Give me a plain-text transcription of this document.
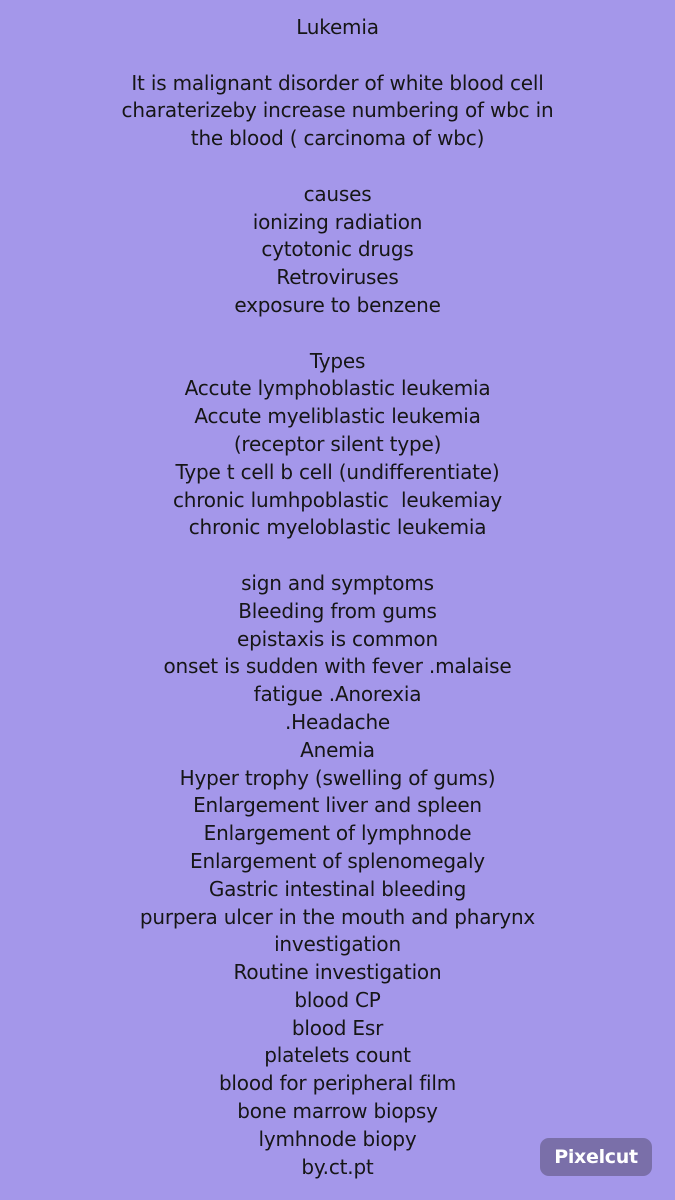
Lukemia
It is malignant disorder of white blood cell
charaterizeby increase numbering of wbc in
the blood ( carcinoma of wbc)
causes
ionizing radiation
cytotonic drugs
Retroviruses
exposure to benzene
Types
Accute lymphoblastic leukemia
Accute myeliblastic leukemia
(receptor silent type)
Type t cell b cell (undifferentiate)
chronic lumhpoblastic  leukemiay
chronic myeloblastic leukemia
sign and symptoms
Bleeding from gums
epistaxis is common
onset is sudden with fever .malaise
fatigue .Anorexia
.Headache
Anemia
Hyper trophy (swelling of gums)
Enlargement liver and spleen
Enlargement of lymphnode
Enlargement of splenomegaly
Gastric intestinal bleeding
purpera ulcer in the mouth and pharynx
investigation
Routine investigation
blood CP
blood Esr
platelets count
blood for peripheral film
bone marrow biopsy
lymhnode biopy
by.ct.pt	Pixelcut
